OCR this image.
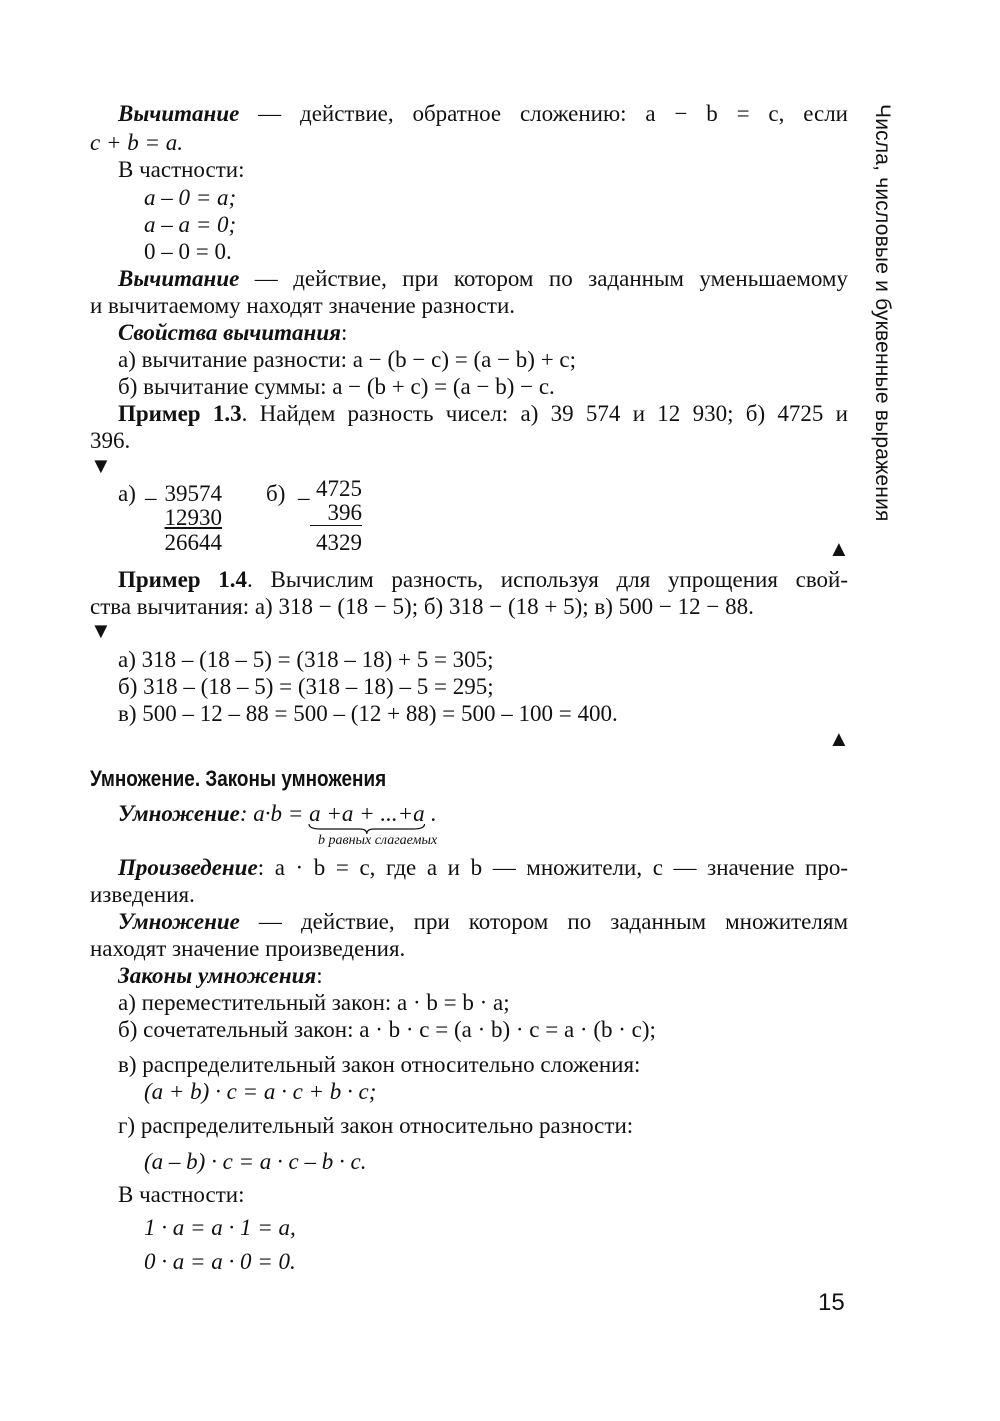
Числа, числовые и буквенные выражения
Вычитание — действие, обратное сложению: a − b = c, если
c + b = a.
В частности:
a – 0 = a;
a – a = 0;
0 – 0 = 0.
Вычитание — действие, при котором по заданным уменьшаемому
и вычитаемому находят значение разности.
Свойства вычитания:
а) вычитание разности: a − (b − c) = (a − b) + c;
б) вычитание суммы: a − (b + c) = (a − b) − c.
Пример 1.3. Найдем разность чисел: а) 39 574 и 12 930; б) 4725 и
396.
▼
а) _ 39574
12930
26644
б) _ 4725
396
4329	▲
Пример 1.4. Вычислим разность, используя для упрощения свой-
ства вычитания: а) 318 − (18 − 5); б) 318 − (18 + 5); в) 500 − 12 − 88.
▼
а) 318 – (18 – 5) = (318 – 18) + 5 = 305;
б) 318 – (18 – 5) = (318 – 18) – 5 = 295;
в) 500 – 12 – 88 = 500 – (12 + 88) = 500 – 100 = 400.
▲
Умножение. Законы умножения
Умножение: a·b = a +a + ...+a
.
b равных слагаемых
Произведение: a · b = c, где a и b — множители, c — значение про-
изведения.
Умножение — действие, при котором по заданным множителям
находят значение произведения.
Законы умножения:
а) переместительный закон: a · b = b · a;
б) сочетательный закон: a · b · c = (a · b) · c = a · (b · c);
в) распределительный закон относительно сложения:
(a + b) · c = a · c + b · c;
г) распределительный закон относительно разности:
(a – b) · c = a · c – b · c.
В частности:
1 · a = a · 1 = a,
0 · a = a · 0 = 0.
15
